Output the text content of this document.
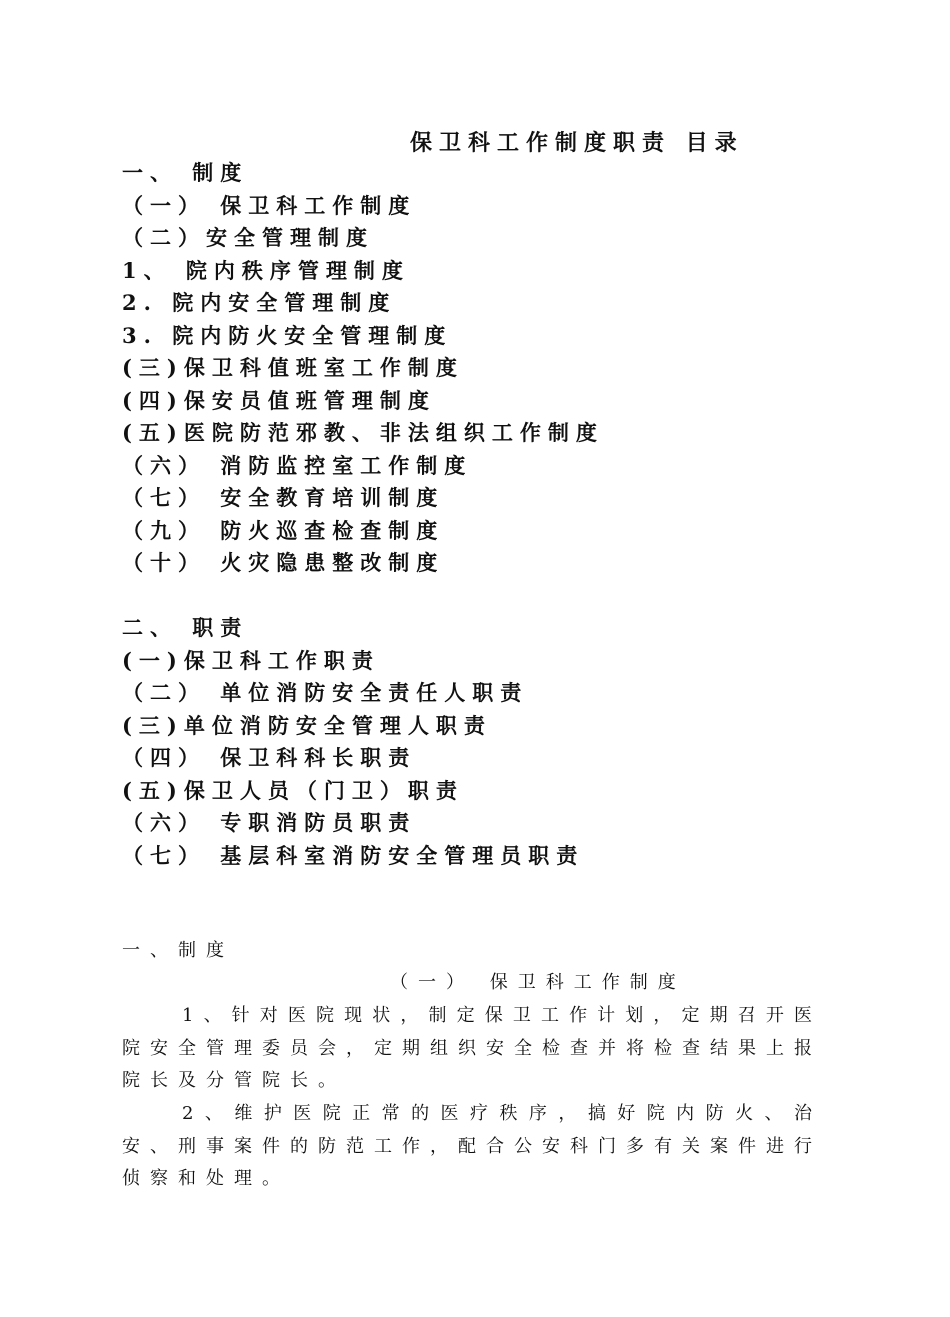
保卫科工作制度职责 目录
一、 制度
（一） 保卫科工作制度
（二）安全管理制度
1、 院内秩序管理制度
2. 院内安全管理制度
3. 院内防火安全管理制度
(三)保卫科值班室工作制度
(四)保安员值班管理制度
(五)医院防范邪教、非法组织工作制度
（六） 消防监控室工作制度
（七） 安全教育培训制度
（九） 防火巡查检查制度
（十） 火灾隐患整改制度
二、 职责
(一)保卫科工作职责
（二） 单位消防安全责任人职责
(三)单位消防安全管理人职责
（四） 保卫科科长职责
(五)保卫人员（门卫）职责
（六） 专职消防员职责
（七） 基层科室消防安全管理员职责
一、制度
（一） 保卫科工作制度

1、针对医院现状，制定保卫工作计划，定期召开医院安全管理委员会，定期组织安全检查并将检查结果上报院长及分管院长。

2、维护医院正常的医疗秩序，搞好院内防火、治安、刑事案件的防范工作，配合公安科门多有关案件进行侦察和处理。
